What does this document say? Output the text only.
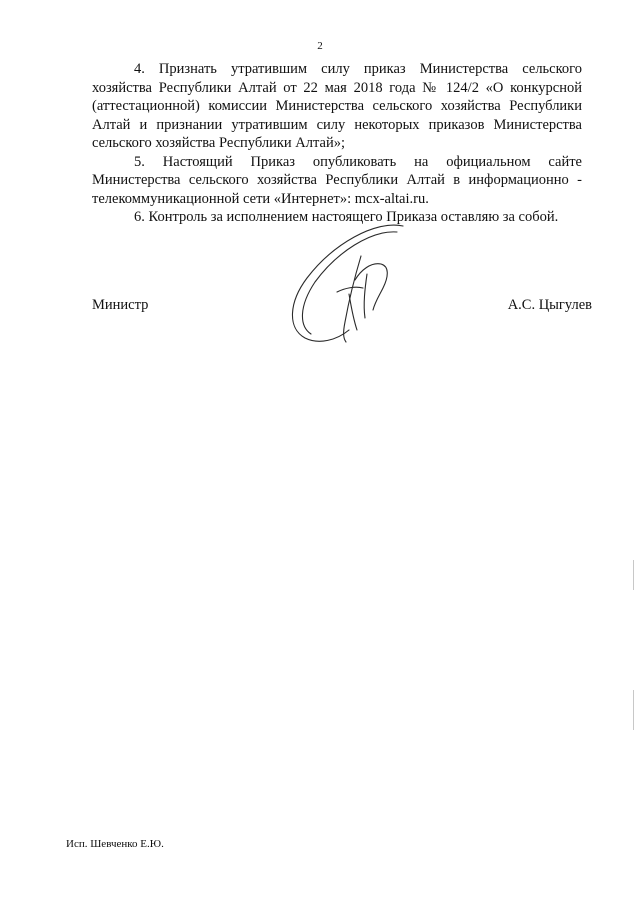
2

4. Признать утратившим силу приказ Министерства сельского хозяйства Республики Алтай от 22 мая 2018 года № 124/2 «О конкурсной (аттестационной) комиссии Министерства сельского хозяйства Республики Алтай и признании утратившим силу некоторых приказов Министерства сельского хозяйства Республики Алтай»;

5. Настоящий Приказ опубликовать на официальном сайте Министерства сельского хозяйства Республики Алтай в информационно - телекоммуникационной сети «Интернет»: mcx-altai.ru.

6. Контроль за исполнением настоящего Приказа оставляю за собой.

Министр	А.С. Цыгулев
Исп. Шевченко Е.Ю.
